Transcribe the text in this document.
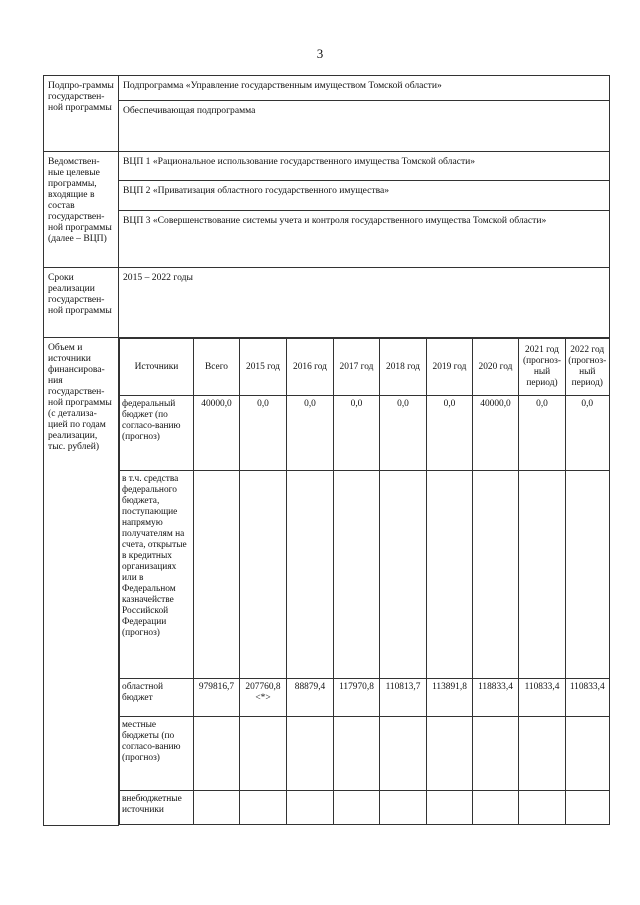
3
Подпро-граммы государствен-ной программы	Подпрограмма «Управление государственным имуществом Томской области»
Обеспечивающая подпрограмма
Ведомствен-ные целевые программы, входящие в состав государствен-ной программы (далее – ВЦП)	ВЦП 1 «Рациональное использование государственного имущества Томской области»
ВЦП 2 «Приватизация областного государственного имущества»
ВЦП 3 «Совершенствование системы учета и контроля государственного имущества Томской области»
Сроки реализации государствен-ной программы	2015 – 2022 годы
Объем и источники финансирова-ния государствен-ной программы (с детализа-цией по годам реализации, тыс. рублей)	
Источники	Всего	2015 год	2016 год	2017 год	2018 год	2019 год	2020 год	2021 год (прогноз-ный период)	2022 год (прогноз-ный период)
федеральный бюджет (по согласо-ванию (прогноз)	40000,0	0,0	0,0	0,0	0,0	0,0	40000,0	0,0	0,0
в т.ч. средства федерального бюджета, поступающие напрямую получателям на счета, открытые в кредитных организациях или в Федеральном казначействе Российской Федерации (прогноз)									
областной бюджет	979816,7	207760,8 <*>	88879,4	117970,8	110813,7	113891,8	118833,4	110833,4	110833,4
местные бюджеты (по согласо-ванию (прогноз)									
внебюджетные источники									
